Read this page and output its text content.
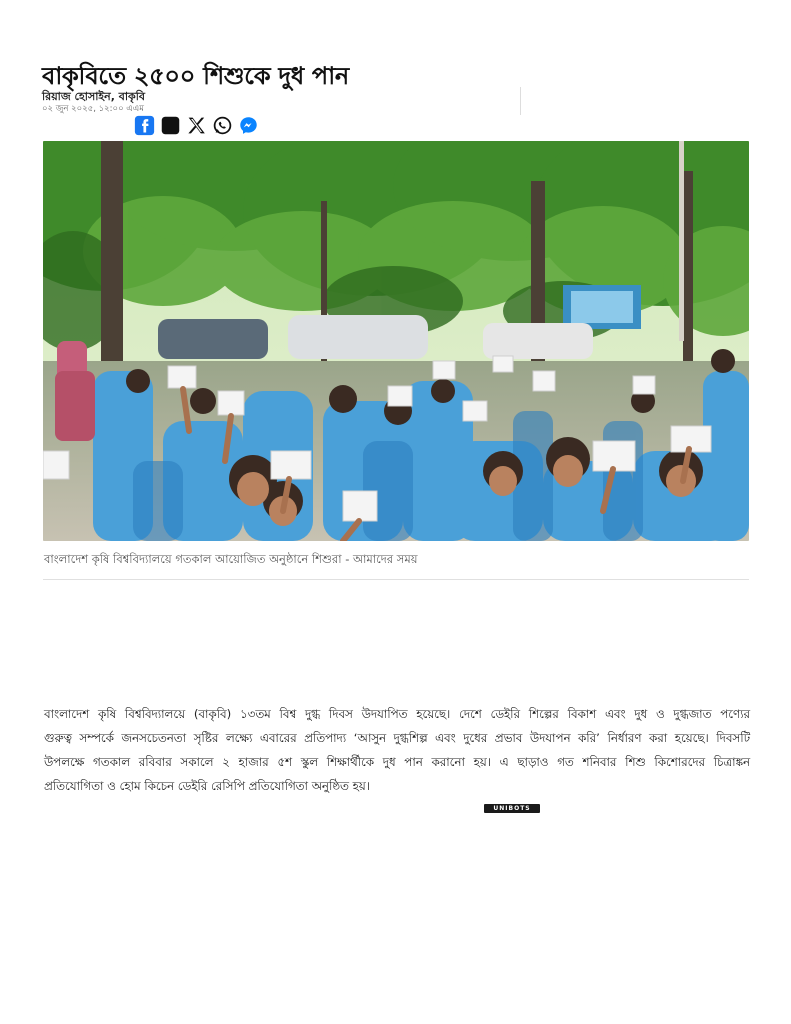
বাকৃবিতে ২৫০০ শিশুকে দুধ পান
রিয়াজ হোসাইন, বাকৃবি
০২ জুন ২০২৫, ১২:০০ এএম
বাংলাদেশ কৃষি বিশ্ববিদ্যালয়ে গতকাল আয়োজিত অনুষ্ঠানে শিশুরা - আমাদের সময়
বাংলাদেশ কৃষি বিশ্ববিদ্যালয়ে (বাকৃবি) ১৩তম বিশ্ব দুগ্ধ দিবস উদযাপিত হয়েছে। দেশে ডেইরি শিল্পের বিকাশ এবং দুধ ও দুগ্ধজাত পণ্যের
গুরুত্ব সম্পর্কে জনসচেতনতা সৃষ্টির লক্ষ্যে এবারের প্রতিপাদ্য ‘আসুন দুগ্ধশিল্প এবং দুধের প্রভাব উদযাপন করি’ নির্ধারণ করা হয়েছে। দিবসটি
উপলক্ষে গতকাল রবিবার সকালে ২ হাজার ৫শ স্কুল শিক্ষার্থীকে দুধ পান করানো হয়। এ ছাড়াও গত শনিবার শিশু কিশোরদের চিত্রাঙ্কন
প্রতিযোগিতা ও হোম কিচেন ডেইরি রেসিপি প্রতিযোগিতা অনুষ্ঠিত হয়।
UNIBOTS
